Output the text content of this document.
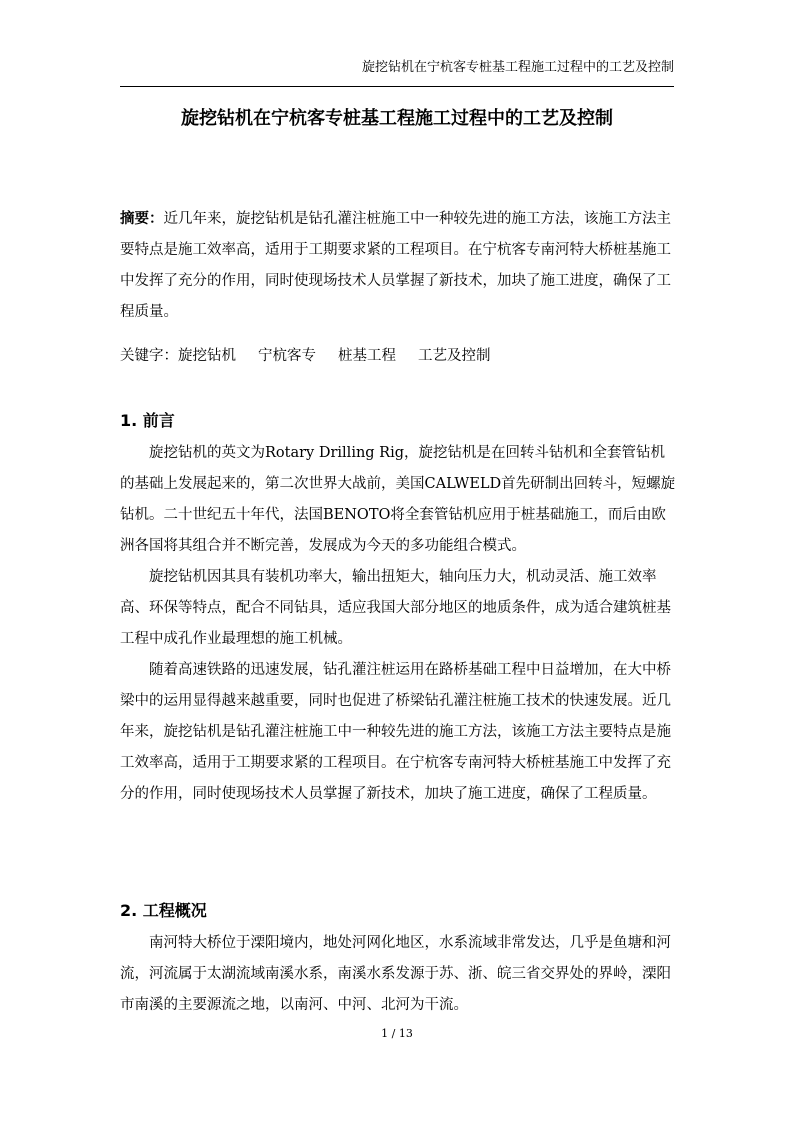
旋挖钻机在宁杭客专桩基工程施工过程中的工艺及控制
旋挖钻机在宁杭客专桩基工程施工过程中的工艺及控制
摘要：近几年来，旋挖钻机是钻孔灌注桩施工中一种较先进的施工方法，该施工方法主要特点是施工效率高，适用于工期要求紧的工程项目。在宁杭客专南河特大桥桩基施工中发挥了充分的作用，同时使现场技术人员掌握了新技术，加块了施工进度，确保了工程质量。
关键字：旋挖钻机 宁杭客专 桩基工程 工艺及控制
1. 前言
旋挖钻机的英文为Rotary Drilling Rig，旋挖钻机是在回转斗钻机和全套管钻机的基础上发展起来的，第二次世界大战前，美国CALWELD首先研制出回转斗，短螺旋钻机。二十世纪五十年代，法国BENOTO将全套管钻机应用于桩基础施工，而后由欧洲各国将其组合并不断完善，发展成为今天的多功能组合模式。
旋挖钻机因其具有装机功率大，输出扭矩大，轴向压力大，机动灵活、施工效率高、环保等特点，配合不同钻具，适应我国大部分地区的地质条件，成为适合建筑桩基工程中成孔作业最理想的施工机械。
随着高速铁路的迅速发展，钻孔灌注桩运用在路桥基础工程中日益增加，在大中桥梁中的运用显得越来越重要，同时也促进了桥梁钻孔灌注桩施工技术的快速发展。近几年来，旋挖钻机是钻孔灌注桩施工中一种较先进的施工方法，该施工方法主要特点是施工效率高，适用于工期要求紧的工程项目。在宁杭客专南河特大桥桩基施工中发挥了充分的作用，同时使现场技术人员掌握了新技术，加块了施工进度，确保了工程质量。
2. 工程概况
南河特大桥位于溧阳境内，地处河网化地区，水系流域非常发达，几乎是鱼塘和河流，河流属于太湖流域南溪水系，南溪水系发源于苏、浙、皖三省交界处的界岭，溧阳市南溪的主要源流之地，以南河、中河、北河为干流。
1 / 13
